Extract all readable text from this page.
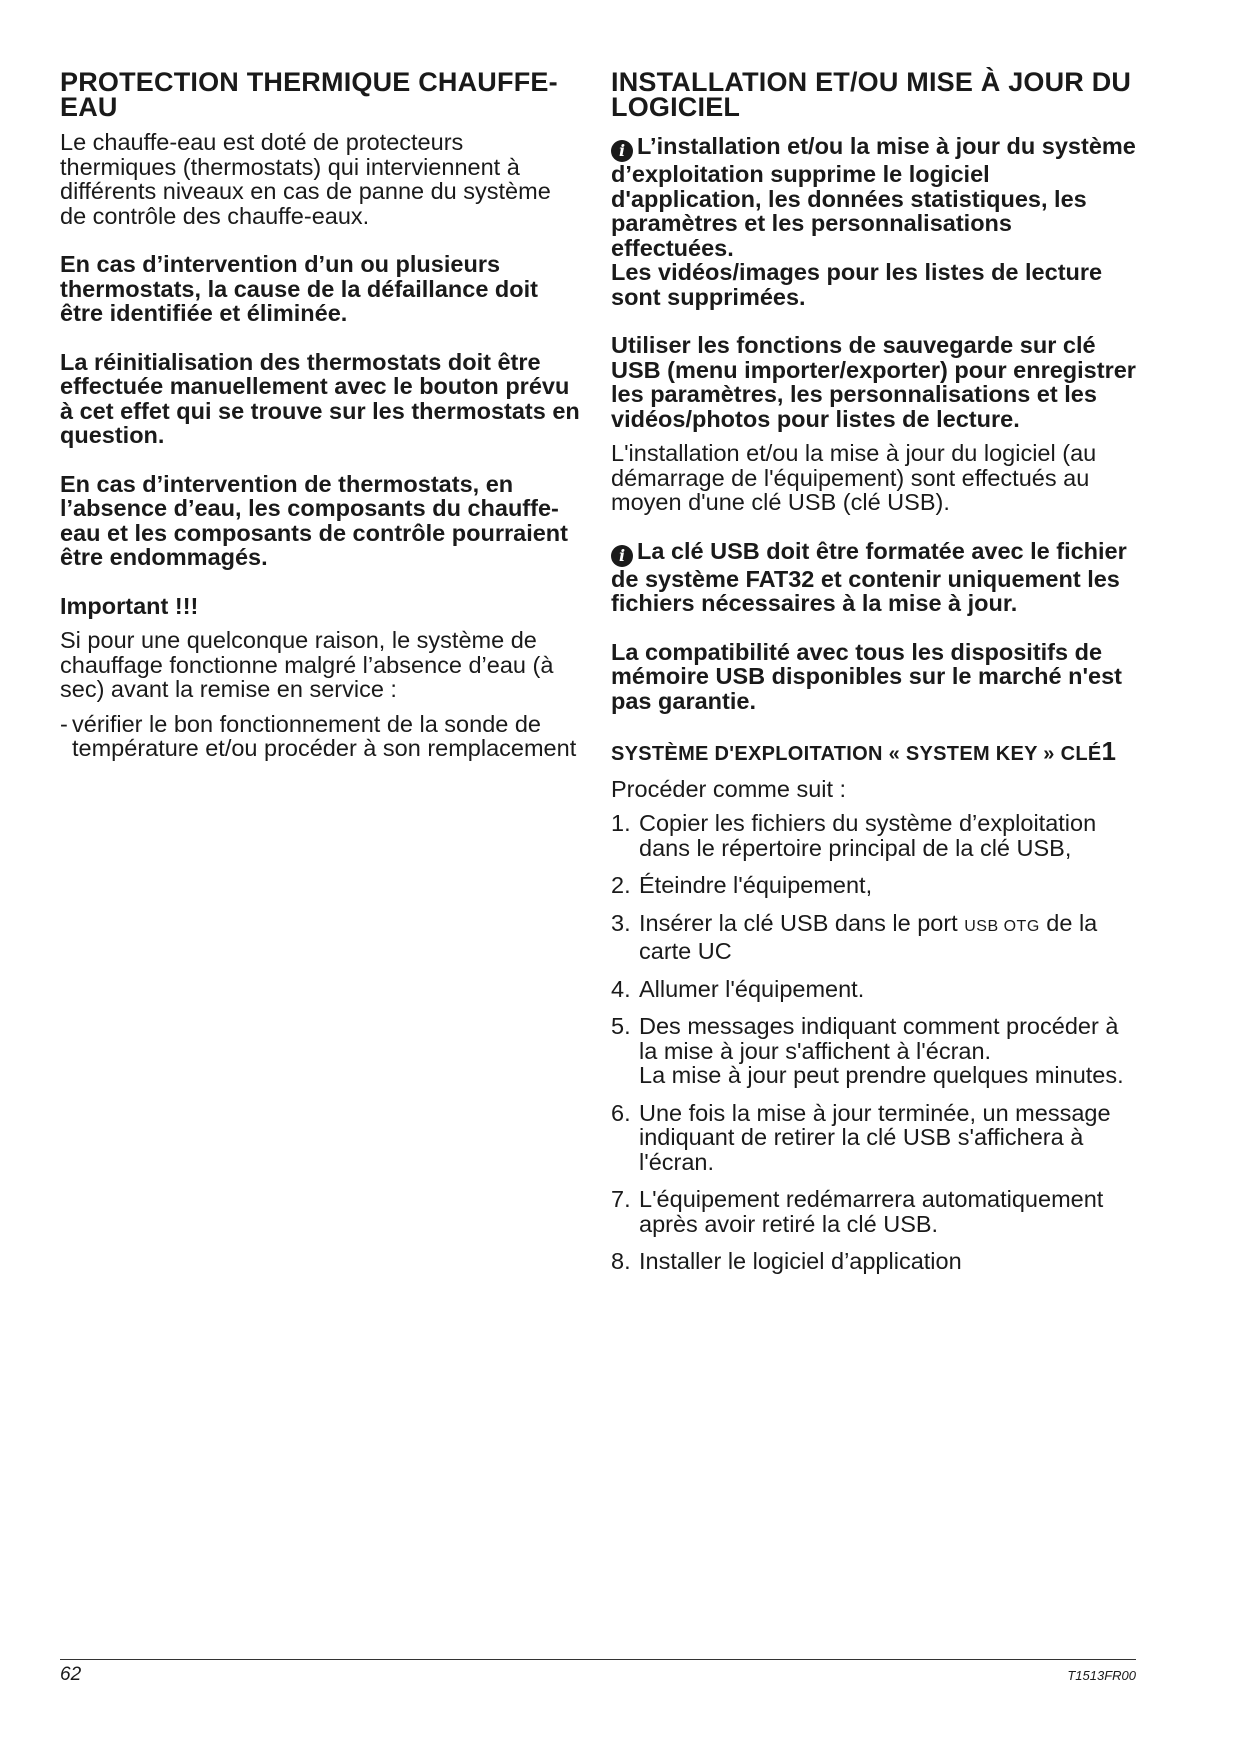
PROTECTION THERMIQUE CHAUFFE-EAU

Le chauffe-eau est doté de protecteurs thermiques (thermostats) qui interviennent à différents niveaux en cas de panne du système de contrôle des chauffe-eaux.

En cas d’intervention d’un ou plusieurs thermostats, la cause de la défaillance doit être identifiée et éliminée.

La réinitialisation des thermostats doit être effectuée manuellement avec le bouton prévu à cet effet qui se trouve sur les thermostats en question.

En cas d’intervention de thermostats, en l’absence d’eau, les composants du chauffe-eau et les composants de contrôle pourraient être endommagés.

Important !!!

Si pour une quelconque raison, le système de chauffage fonctionne malgré l’absence d’eau (à sec) avant la remise en service :

- vérifier le bon fonctionnement de la sonde de température et/ou procéder à son remplacement
INSTALLATION ET/OU MISE À JOUR DU LOGICIEL

i L’installation et/ou la mise à jour du système d’exploitation supprime le logiciel d'application, les données statistiques, les paramètres et les personnalisations effectuées.

Les vidéos/images pour les listes de lecture sont supprimées.

Utiliser les fonctions de sauvegarde sur clé USB (menu importer/exporter) pour enregistrer les paramètres, les personnalisations et les vidéos/photos pour listes de lecture.

L'installation et/ou la mise à jour du logiciel (au démarrage de l'équipement) sont effectués au moyen d'une clé USB (clé USB).

i La clé USB doit être formatée avec le fichier de système FAT32 et contenir uniquement les fichiers nécessaires à la mise à jour.

La compatibilité avec tous les dispositifs de mémoire USB disponibles sur le marché n'est pas garantie.

SYSTÈME D'EXPLOITATION « SYSTEM KEY » CLÉ1

Procéder comme suit :

1. Copier les fichiers du système d’exploitation dans le répertoire principal de la clé USB,
2. Éteindre l'équipement,
3. Insérer la clé USB dans le port USB OTG de la carte UC
4. Allumer l'équipement.
5. Des messages indiquant comment procéder à la mise à jour s'affichent à l'écran.
La mise à jour peut prendre quelques minutes.
6. Une fois la mise à jour terminée, un message indiquant de retirer la clé USB s'affichera à l'écran.
7. L'équipement redémarrera automatiquement après avoir retiré la clé USB.
8. Installer le logiciel d’application
62	T1513FR00
